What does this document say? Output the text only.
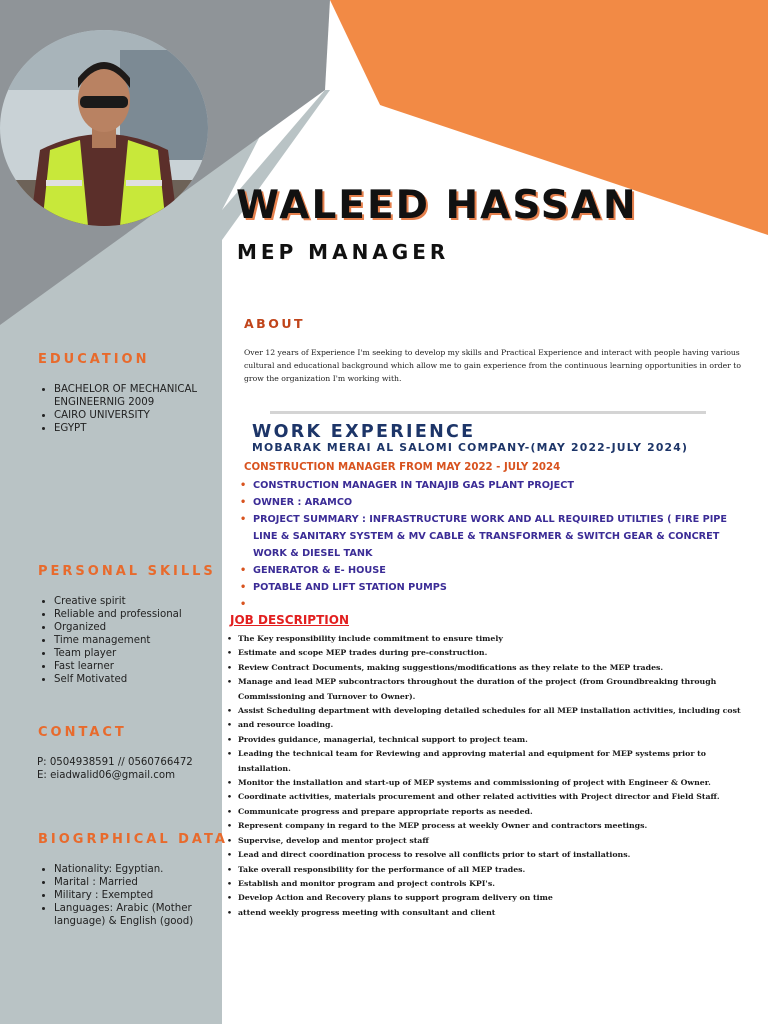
WALEED HASSAN
MEP MANAGER
EDUCATION
• BACHELOR OF MECHANICAL ENGINEERNIG 2009
• CAIRO UNIVERSITY
• EGYPT
PERSONAL SKILLS
• Creative spirit
• Reliable and professional
• Organized
• Time management
• Team player
• Fast learner
• Self Motivated
CONTACT
P: 0504938591 // 0560766472
E: eiadwalid06@gmail.com
BIOGRPHICAL DATA
• Nationality: Egyptian.
• Marital : Married
• Military : Exempted
• Languages: Arabic (Mother language) & English (good)
ABOUT

Over 12 years of Experience I'm seeking to develop my skills and Practical Experience and interact with people having various cultural and educational background which allow me to gain experience from the continuous learning opportunities in order to grow the organization I'm working with.

WORK EXPERIENCE
MOBARAK MERAI AL SALOMI COMPANY-(MAY 2022-JULY 2024)
CONSTRUCTION MANAGER FROM MAY 2022 - JULY 2024
• CONSTRUCTION MANAGER IN TANAJIB GAS PLANT PROJECT
• OWNER : ARAMCO
• PROJECT SUMMARY : INFRASTRUCTURE WORK AND ALL REQUIRED UTILTIES ( FIRE PIPE LINE & SANITARY SYSTEM & MV CABLE & TRANSFORMER & SWITCH GEAR & CONCRET WORK & DIESEL TANK
• GENERATOR & E- HOUSE
• POTABLE AND LIFT STATION PUMPS
JOB DESCRIPTION
• The Key responsibility include commitment to ensure timely
• Estimate and scope MEP trades during pre-construction.
• Review Contract Documents, making suggestions/modifications as they relate to the MEP trades.
• Manage and lead MEP subcontractors throughout the duration of the project (from Groundbreaking through Commissioning and Turnover to Owner).
• Assist Scheduling department with developing detailed schedules for all MEP installation activities, including cost
• and resource loading.
• Provides guidance, managerial, technical support to project team.
• Leading the technical team for Reviewing and approving material and equipment for MEP systems prior to installation.
• Monitor the installation and start-up of MEP systems and commissioning of project with Engineer & Owner.
• Coordinate activities, materials procurement and other related activities with Project director and Field Staff.
• Communicate progress and prepare appropriate reports as needed.
• Represent company in regard to the MEP process at weekly Owner and contractors meetings.
• Supervise, develop and mentor project staff
• Lead and direct coordination process to resolve all conflicts prior to start of installations.
• Take overall responsibility for the performance of all MEP trades.
• Establish and monitor program and project controls KPI's.
• Develop Action and Recovery plans to support program delivery on time
• attend weekly progress meeting with consultant and client
